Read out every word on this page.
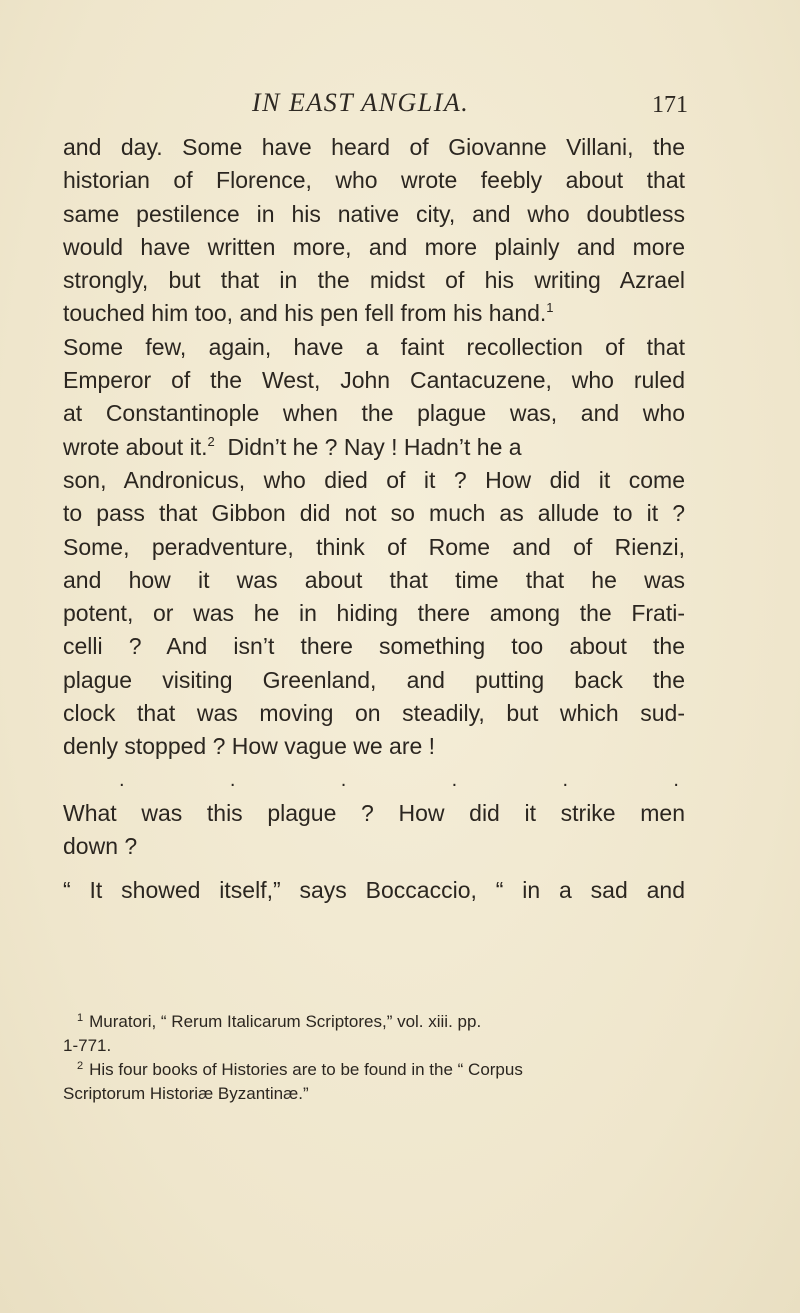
IN EAST ANGLIA.	171
and day. Some have heard of Giovanne Villani, the
historian of Florence, who wrote feebly about that
same pestilence in his native city, and who doubtless
would have written more, and more plainly and more
strongly, but that in the midst of his writing Azrael
touched him too, and his pen fell from his hand.$^1$
Some few, again, have a faint recollection of that
Emperor of the West, John Cantacuzene, who ruled
at Constantinople when the plague was, and who
wrote about it.$^2$ Didn’t he ? Nay ! Hadn’t he a
son, Andronicus, who died of it ? How did it come
to pass that Gibbon did not so much as allude to it ?
Some, peradventure, think of Rome and of Rienzi,
and how it was about that time that he was
potent, or was he in hiding there among the Frati-
celli ? And isn’t there something too about the
plague visiting Greenland, and putting back the
clock that was moving on steadily, but which sud-
denly stopped ? How vague we are !
.	.	.	.	.	.
What was this plague ? How did it strike men
down ?
“ It showed itself,” says Boccaccio, “ in a sad and
$^1$ Muratori, “ Rerum Italicarum Scriptores,” vol. xiii. pp.
1-771.
$^2$ His four books of Histories are to be found in the “ Corpus
Scriptorum Historiæ Byzantinæ.”
